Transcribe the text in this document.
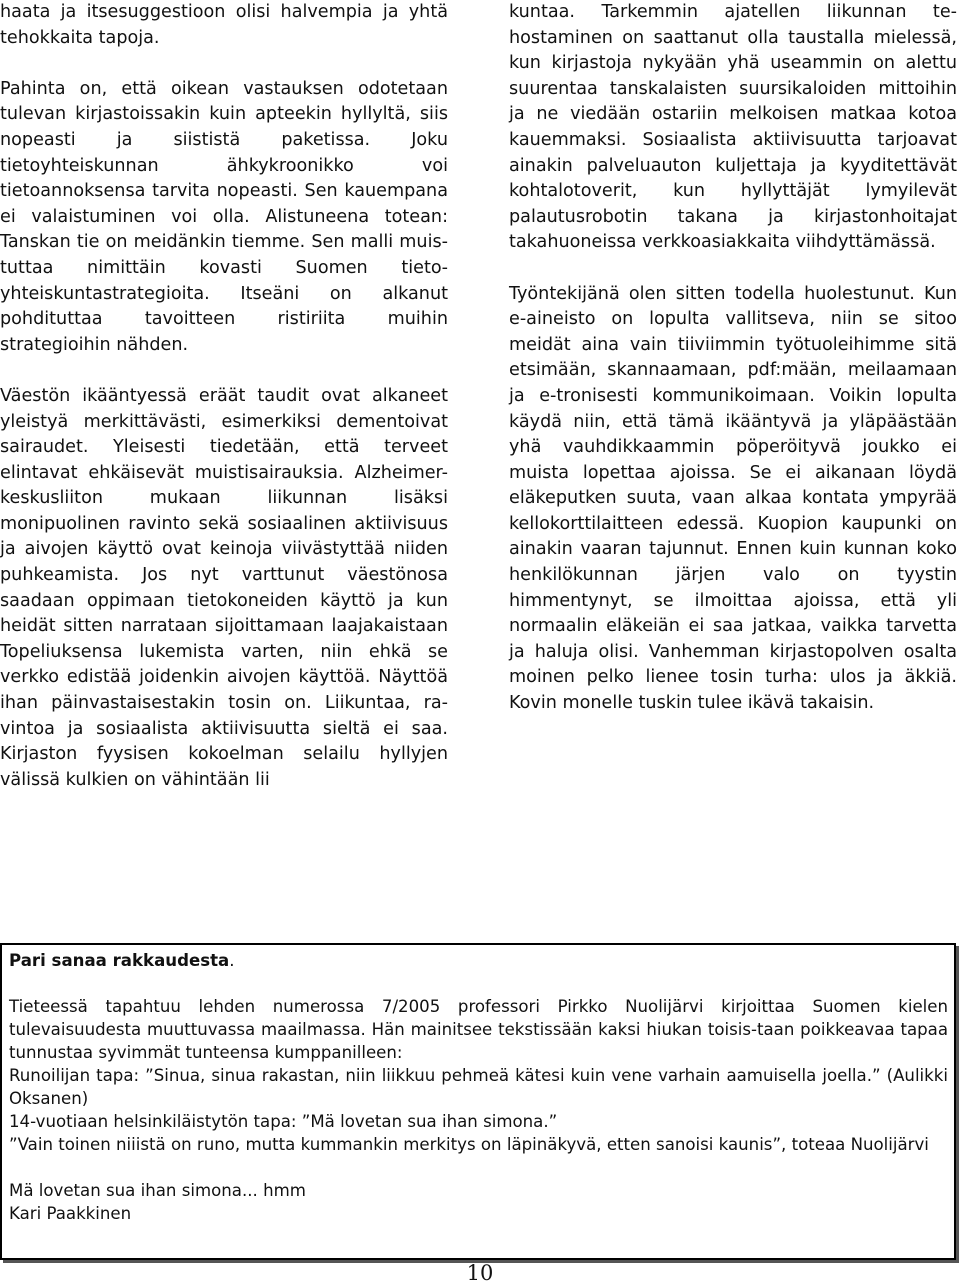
haata ja itsesuggestioon olisi halvempia ja yhtä tehokkaita tapoja.

Pahinta on, että oikean vastauksen odotetaan tulevan kirjastoissakin kuin apteekin hyllyltä, siis nopeasti ja siististä paketissa. Joku tietoyhteiskunnan ähkykroonikko voi tietoannoksensa tarvita nopeasti. Sen kauempana ei valaistuminen voi olla. Alistuneena totean: Tanskan tie on meidänkin tiemme. Sen malli muistuttaa nimittäin kovasti Suomen tietoyhteiskuntastrategioita. Itseäni on alkanut pohdituttaa tavoitteen ristiriita muihin strategioihin nähden.

Väestön ikääntyessä eräät taudit ovat alkaneet yleistyä merkittävästi, esimerkiksi dementoivat sairaudet. Yleisesti tiedetään, että terveet elintavat ehkäisevät muistisairauksia. Alzheimer-keskusliiton mukaan liikunnan lisäksi monipuolinen ravinto sekä sosiaalinen aktiivisuus ja aivojen käyttö ovat keinoja viivästyttää niiden puhkeamista. Jos nyt varttunut väestönosa saadaan oppimaan tietokoneiden käyttö ja kun heidät sitten narrataan sijoittamaan laajakaistaan Topeliuksensa lukemista varten, niin ehkä se verkko edistää joidenkin aivojen käyttöä. Näyttöä ihan päinvastaisestakin tosin on. Liikuntaa, ravintoa ja sosiaalista aktiivisuutta sieltä ei saa. Kirjaston fyysisen kokoelman selailu hyllyjen välissä kulkien on vähintään lii

kuntaa. Tarkemmin ajatellen liikunnan tehostaminen on saattanut olla taustalla mielessä, kun kirjastoja nykyään yhä useammin on alettu suurentaa tanskalaisten suursikaloiden mittoihin ja ne viedään ostariin melkoisen matkaa kotoa kauemmaksi. Sosiaalista aktiivisuutta tarjoavat ainakin palveluauton kuljettaja ja kyyditettävät kohtalotoverit, kun hyllyttäjät lymyilevät palautusrobotin takana ja kirjastonhoitajat takahuoneissa verkkoasiakkaita viihdyttämässä.

Työntekijänä olen sitten todella huolestunut. Kun e-aineisto on lopulta vallitseva, niin se sitoo meidät aina vain tiiviimmin työtuoleihimme sitä etsimään, skannaamaan, pdf:mään, meilaamaan ja e-tronisesti kommunikoimaan. Voikin lopulta käydä niin, että tämä ikääntyvä ja yläpäästään yhä vauhdikkaammin pöperöityvä joukko ei muista lopettaa ajoissa. Se ei aikanaan löydä eläkeputken suuta, vaan alkaa kontata ympyrää kellokorttilaitteen edessä. Kuopion kaupunki on ainakin vaaran tajunnut. Ennen kuin kunnan koko henkilökunnan järjen valo on tyystin himmentynyt, se ilmoittaa ajoissa, että yli normaalin eläkeiän ei saa jatkaa, vaikka tarvetta ja haluja olisi. Vanhemman kirjastopolven osalta moinen pelko lienee tosin turha: ulos ja äkkiä. Kovin monelle tuskin tulee ikävä takaisin.

Pari sanaa rakkaudesta.

Tieteessä tapahtuu lehden numerossa 7/2005 professori Pirkko Nuolijärvi kirjoittaa Suomen kielen tulevaisuudesta muuttuvassa maailmassa. Hän mainitsee tekstissään kaksi hiukan toisis-taan poikkeavaa tapaa tunnustaa syvimmät tunteensa kumppanilleen:

Runoilijan tapa: ”Sinua, sinua rakastan, niin liikkuu pehmeä kätesi kuin vene varhain aamuisella joella.” (Aulikki Oksanen)

14-vuotiaan helsinkiläistytön tapa: ”Mä lovetan sua ihan simona.”

”Vain toinen niiistä on runo, mutta kummankin merkitys on läpinäkyvä, etten sanoisi kaunis”, toteaa Nuolijärvi

Mä lovetan sua ihan simona... hmm

Kari Paakkinen

10
